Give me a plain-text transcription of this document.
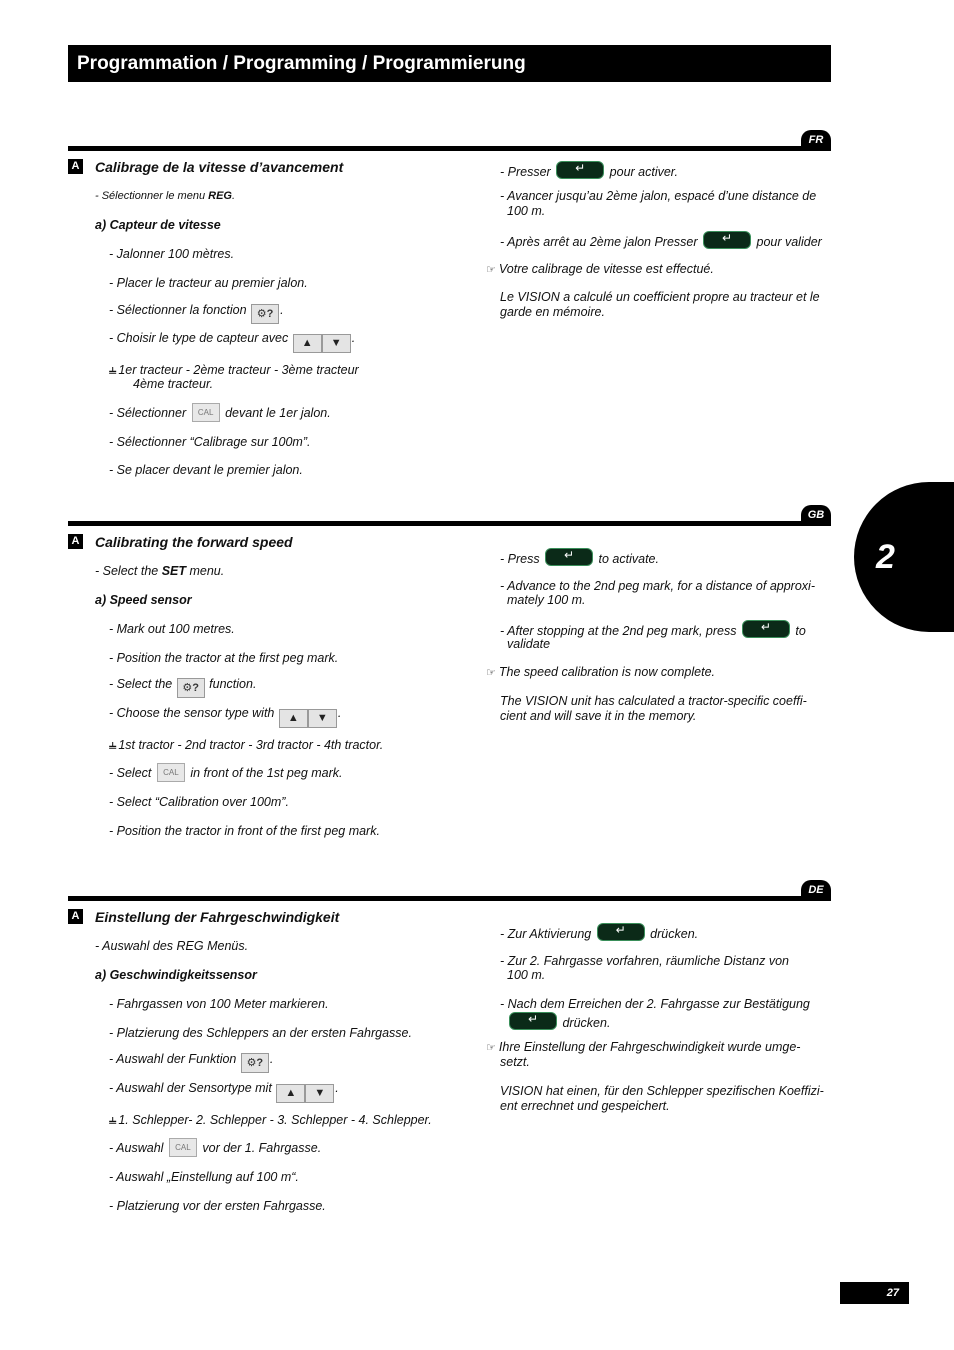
Programmation / Programming / Programmierung
FR
A Calibrage de la vitesse d’avancement
- Sélectionner le menu REG.
a) Capteur de vitesse
- Jalonner 100 mètres.
- Placer le tracteur au premier jalon.
- Sélectionner la fonction ⚙? .
- Choisir le type de capteur avec ▲ ▼ .
⫨ 1er tracteur - 2ème tracteur - 3ème tracteur
4ème tracteur.
- Sélectionner CAL devant le 1er jalon.
- Sélectionner “Calibrage sur 100m”.
- Se placer devant le premier jalon.
- Presser ↵	pour activer.
- Avancer jusqu’au 2ème jalon, espacé d’une distance de
100 m.
- Après arrêt au 2ème jalon Presser ↵	pour valider
☞ Votre calibrage de vitesse est effectué.
Le VISION a calculé un coefficient propre au tracteur et le garde en mémoire.
GB
A Calibrating the forward speed
- Select the SET menu.
a) Speed sensor
- Mark out 100 metres.
- Position the tractor at the first peg mark.
- Select the ⚙? function.
- Choose the sensor type with ▲ ▼ .
⫨ 1st tractor - 2nd tractor - 3rd tractor - 4th tractor.
- Select CAL in front of the 1st peg mark.
- Select “Calibration over 100m”.
- Position the tractor in front of the first peg mark.
- Press ↵	to activate.
- Advance to the 2nd peg mark, for a distance of approxi-
mately 100 m.
- After stopping at the 2nd peg mark, press ↵	to
validate
☞ The speed calibration is now complete.
The VISION unit has calculated a tractor-specific coeffi- cient and will save it in the memory.
DE
A Einstellung der Fahrgeschwindigkeit
- Auswahl des REG Menüs.
a) Geschwindigkeitssensor
- Fahrgassen von 100 Meter markieren.
- Platzierung des Schleppers an der ersten Fahrgasse.
- Auswahl der Funktion ⚙? .
- Auswahl der Sensortype mit ▲ ▼ .
⫨ 1. Schlepper- 2. Schlepper - 3. Schlepper - 4. Schlepper.
- Auswahl CAL vor der 1. Fahrgasse.
- Auswahl „Einstellung auf 100 m“.
- Platzierung vor der ersten Fahrgasse.
- Zur Aktivierung ↵	drücken.
- Zur 2. Fahrgasse vorfahren, räumliche Distanz von
100 m.
- Nach dem Erreichen der 2. Fahrgasse zur Bestätigung
↵ drücken.
☞ Ihre Einstellung der Fahrgeschwindigkeit wurde umge-
setzt.
VISION hat einen, für den Schlepper spezifischen Koeffizi- ent errechnet und gespeichert.
2
27
